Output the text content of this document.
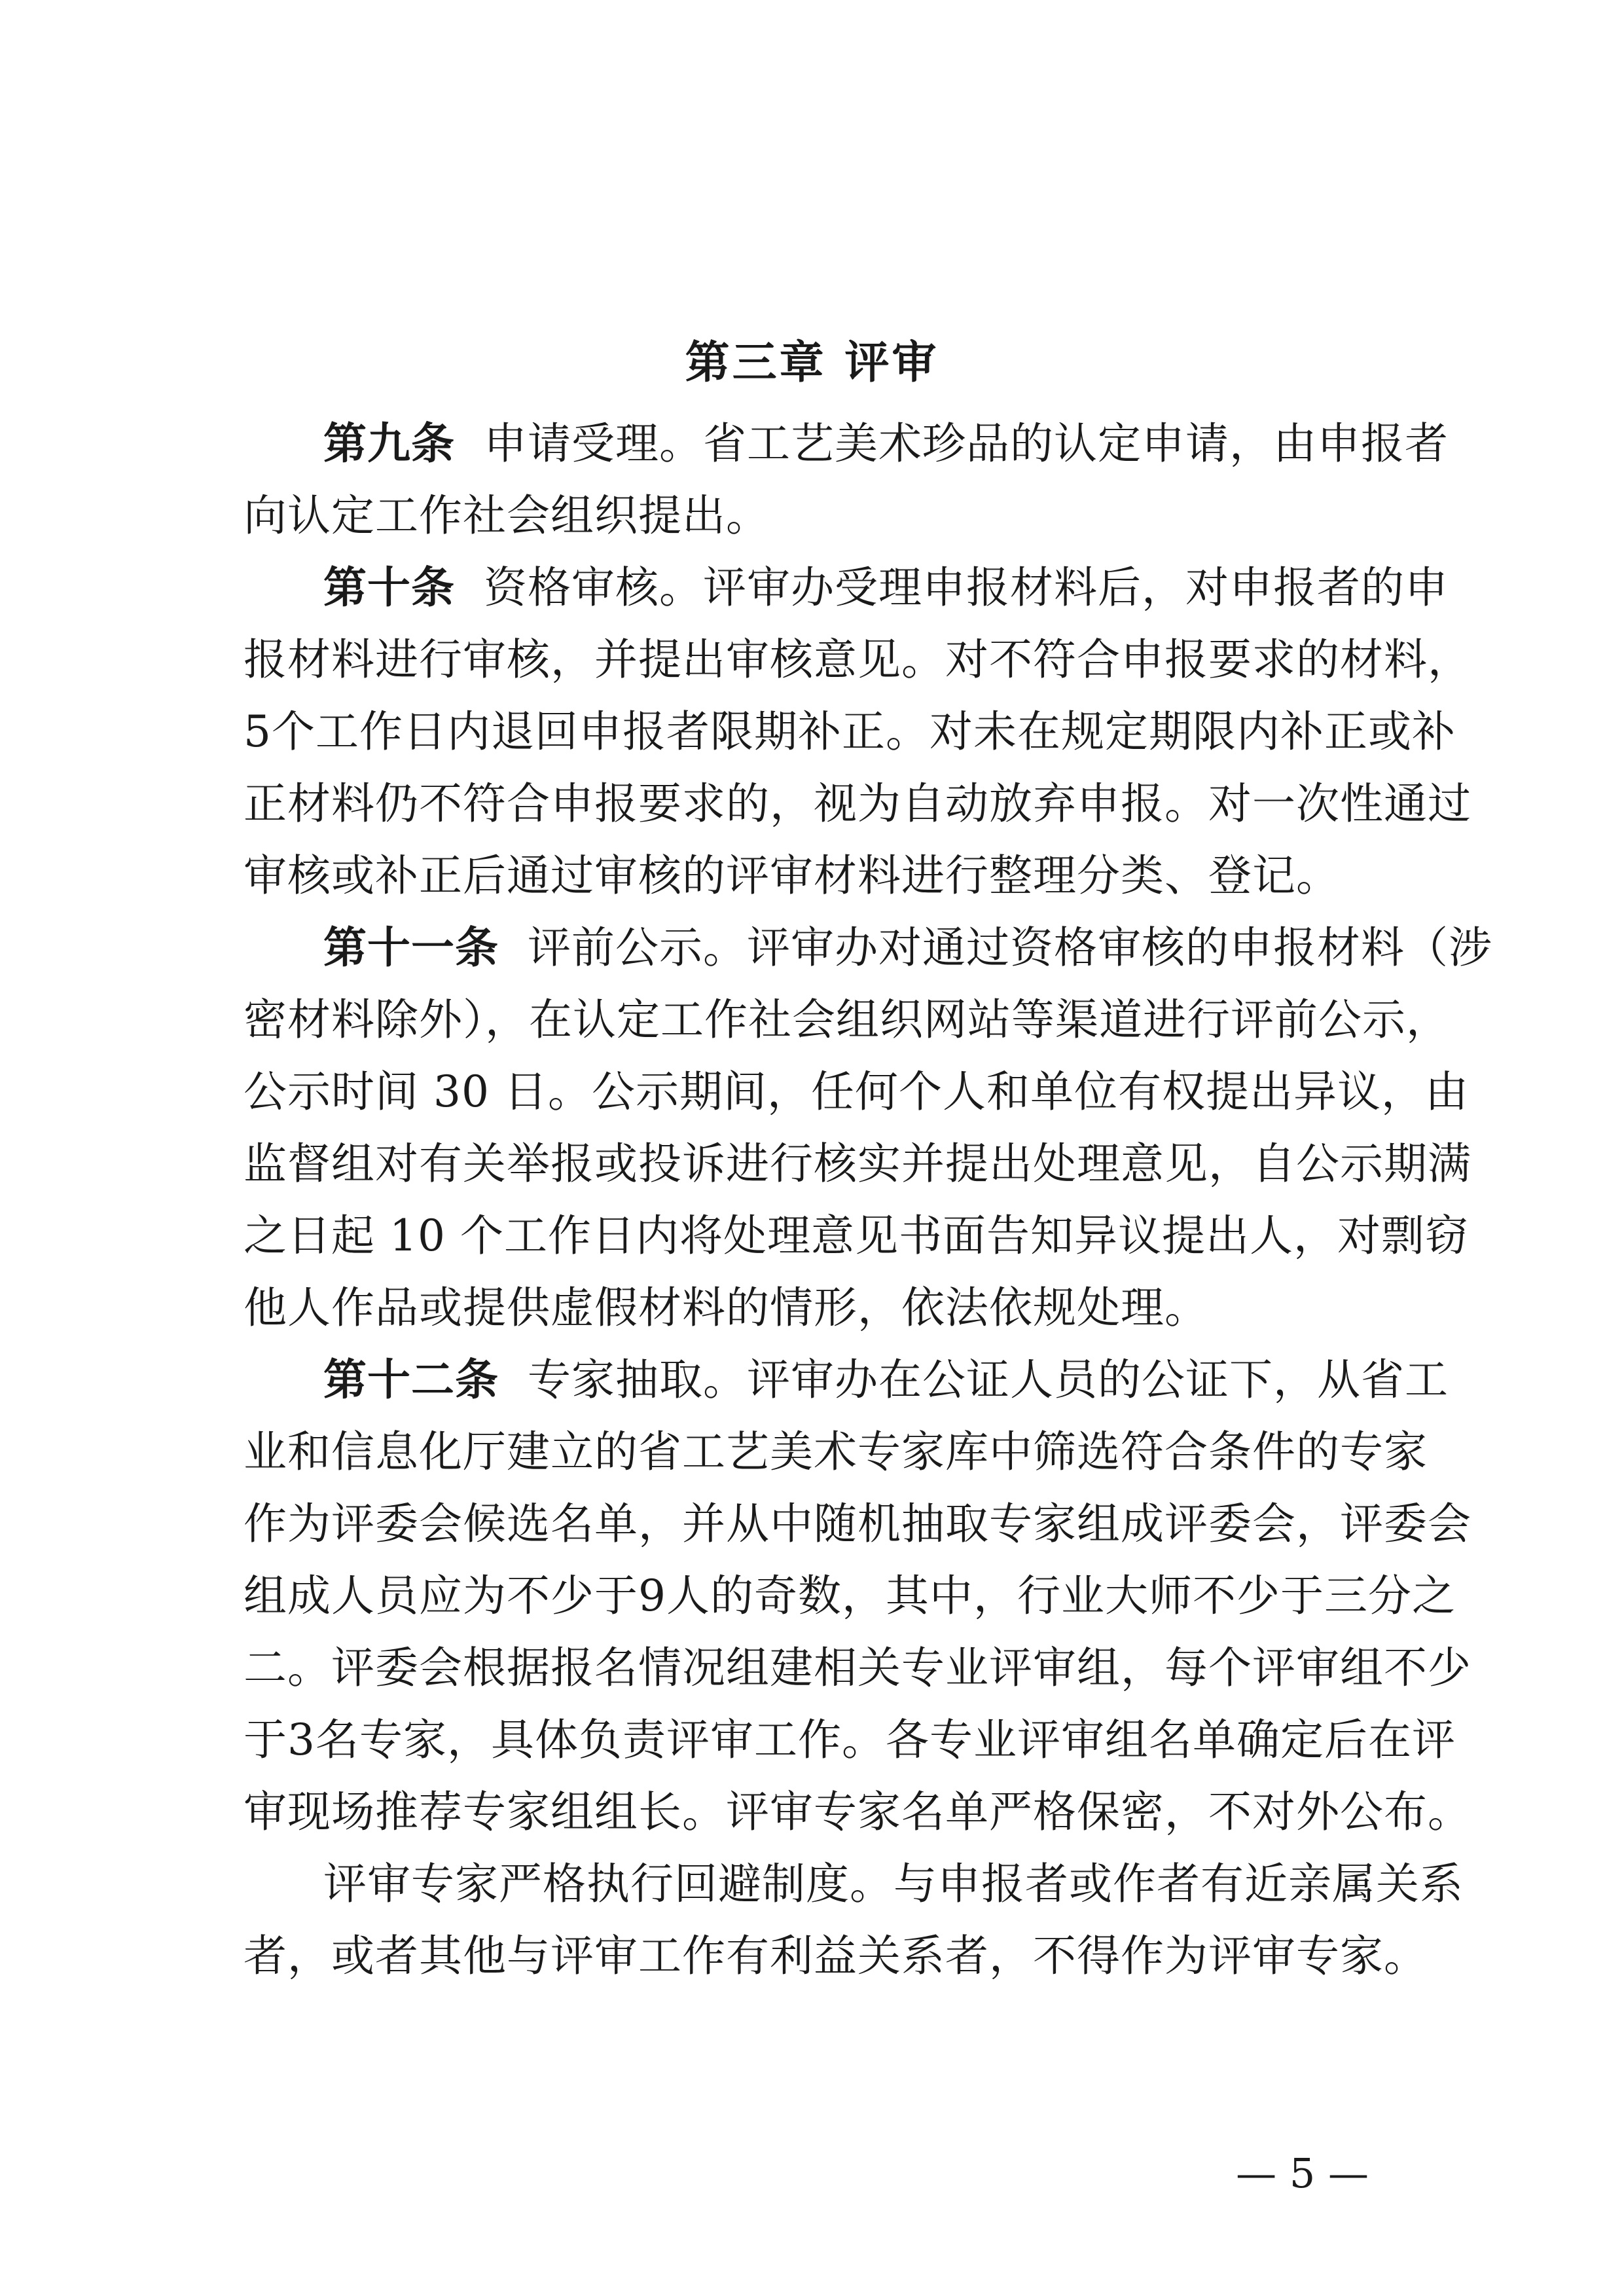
第三章 评审
第九条 申请受理。省工艺美术珍品的认定申请，由申报者
向认定工作社会组织提出。
第十条 资格审核。评审办受理申报材料后，对申报者的申
报材料进行审核，并提出审核意见。对不符合申报要求的材料，
5个工作日内退回申报者限期补正。对未在规定期限内补正或补
正材料仍不符合申报要求的，视为自动放弃申报。对一次性通过
审核或补正后通过审核的评审材料进行整理分类、登记。
第十一条 评前公示。评审办对通过资格审核的申报材料（涉
密材料除外），在认定工作社会组织网站等渠道进行评前公示，
公示时间 30 日。公示期间，任何个人和单位有权提出异议，由
监督组对有关举报或投诉进行核实并提出处理意见，自公示期满
之日起 10 个工作日内将处理意见书面告知异议提出人，对剽窃
他人作品或提供虚假材料的情形，依法依规处理。
第十二条 专家抽取。评审办在公证人员的公证下，从省工
业和信息化厅建立的省工艺美术专家库中筛选符合条件的专家
作为评委会候选名单，并从中随机抽取专家组成评委会，评委会
组成人员应为不少于9人的奇数，其中，行业大师不少于三分之
二。评委会根据报名情况组建相关专业评审组，每个评审组不少
于3名专家，具体负责评审工作。各专业评审组名单确定后在评
审现场推荐专家组组长。评审专家名单严格保密，不对外公布。
评审专家严格执行回避制度。与申报者或作者有近亲属关系
者，或者其他与评审工作有利益关系者，不得作为评审专家。
— 5 —
